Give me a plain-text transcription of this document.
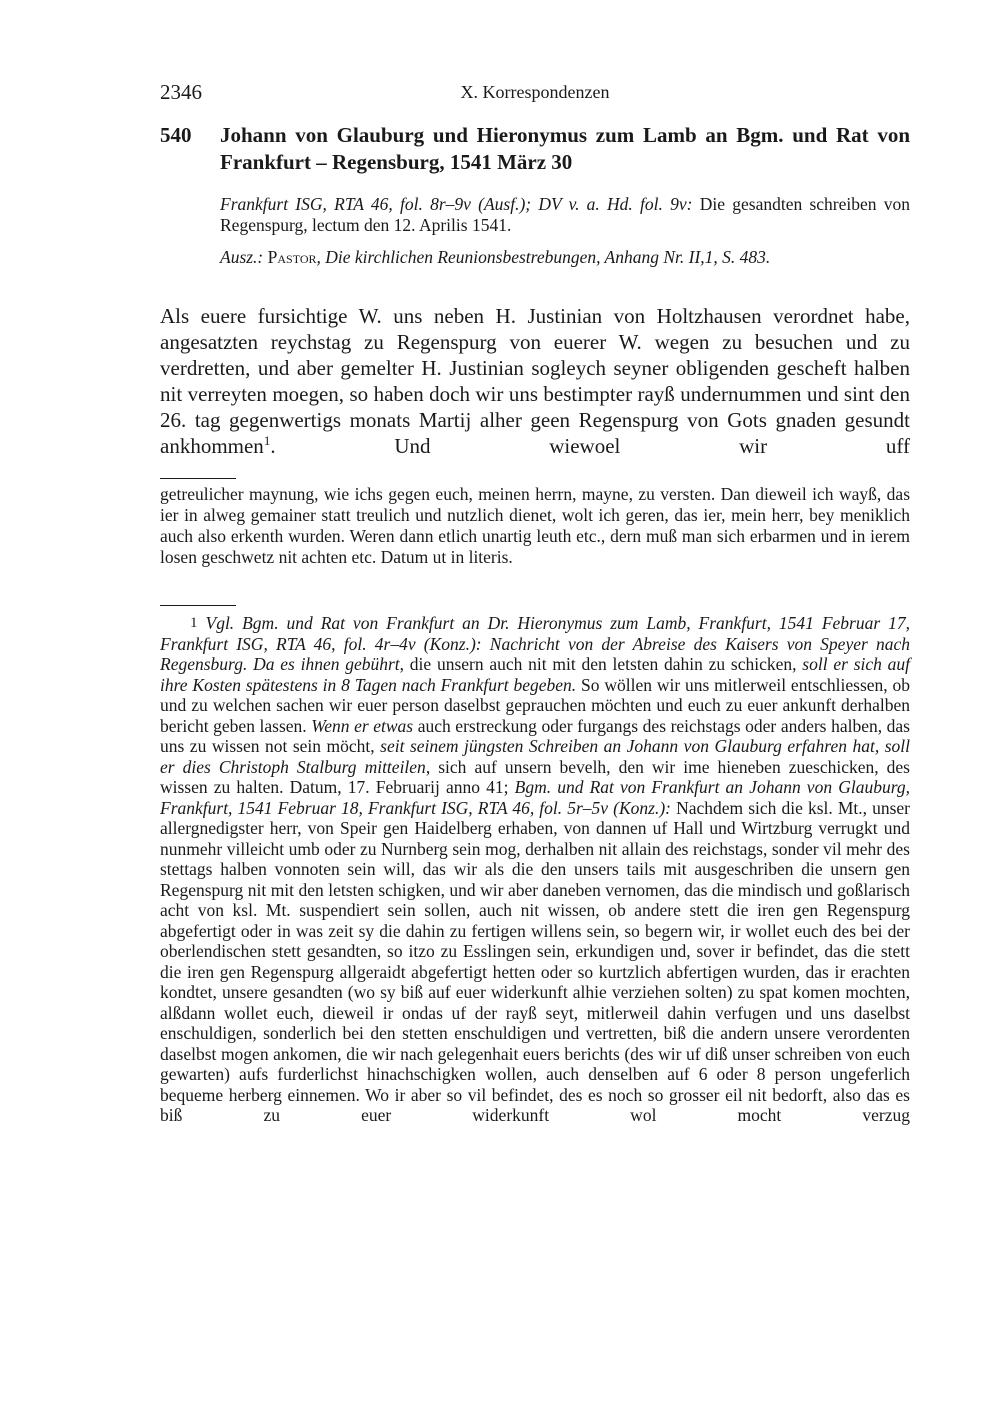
2346	X. Korrespondenzen
540 Johann von Glauburg und Hieronymus zum Lamb an Bgm. und Rat von Frankfurt – Regensburg, 1541 März 30

Frankfurt ISG, RTA 46, fol. 8r–9v (Ausf.); DV v. a. Hd. fol. 9v: Die gesandten schreiben von Regenspurg, lectum den 12. Aprilis 1541.

Ausz.: Pastor, Die kirchlichen Reunionsbestrebungen, Anhang Nr. II,1, S. 483.

Als euere fursichtige W. uns neben H. Justinian von Holtzhausen verordnet habe, angesatzten reychstag zu Regenspurg von euerer W. wegen zu besuchen und zu verdretten, und aber gemelter H. Justinian sogleych seyner obligenden gescheft halben nit verreyten moegen, so haben doch wir uns bestimpter rayß undernummen und sint den 26. tag gegenwertigs monats Martij alher geen Regenspurg von Gots gnaden gesundt ankhommen$^1$. Und wiewoel wir uff

getreulicher maynung, wie ichs gegen euch, meinen herrn, mayne, zu versten. Dan dieweil ich wayß, das ier in alweg gemainer statt treulich und nutzlich dienet, wolt ich geren, das ier, mein herr, bey meniklich auch also erkenth wurden. Weren dann etlich unartig leuth etc., dern muß man sich erbarmen und in ierem losen geschwetz nit achten etc. Datum ut in literis.

1 Vgl. Bgm. und Rat von Frankfurt an Dr. Hieronymus zum Lamb, Frankfurt, 1541 Februar 17, Frankfurt ISG, RTA 46, fol. 4r–4v (Konz.): Nachricht von der Abreise des Kaisers von Speyer nach Regensburg. Da es ihnen gebührt, die unsern auch nit mit den letsten dahin zu schicken, soll er sich auf ihre Kosten spätestens in 8 Tagen nach Frankfurt begeben. So wöllen wir uns mitlerweil entschliessen, ob und zu welchen sachen wir euer person daselbst geprauchen möchten und euch zu euer ankunft derhalben bericht geben lassen. Wenn er etwas auch erstreckung oder furgangs des reichstags oder anders halben, das uns zu wissen not sein möcht, seit seinem jüngsten Schreiben an Johann von Glauburg erfahren hat, soll er dies Christoph Stalburg mitteilen, sich auf unsern bevelh, den wir ime hieneben zueschicken, des wissen zu halten. Datum, 17. Februarij anno 41; Bgm. und Rat von Frankfurt an Johann von Glauburg, Frankfurt, 1541 Februar 18, Frankfurt ISG, RTA 46, fol. 5r–5v (Konz.): Nachdem sich die ksl. Mt., unser allergnedigster herr, von Speir gen Haidelberg erhaben, von dannen uf Hall und Wirtzburg verrugkt und nunmehr villeicht umb oder zu Nurnberg sein mog, derhalben nit allain des reichstags, sonder vil mehr des stettags halben vonnoten sein will, das wir als die den unsers tails mit ausgeschriben die unsern gen Regenspurg nit mit den letsten schigken, und wir aber daneben vernomen, das die mindisch und goßlarisch acht von ksl. Mt. suspendiert sein sollen, auch nit wissen, ob andere stett die iren gen Regenspurg abgefertigt oder in was zeit sy die dahin zu fertigen willens sein, so begern wir, ir wollet euch des bei der oberlendischen stett gesandten, so itzo zu Esslingen sein, erkundigen und, sover ir befindet, das die stett die iren gen Regenspurg allgeraidt abgefertigt hetten oder so kurtzlich abfertigen wurden, das ir erachten kondtet, unsere gesandten (wo sy biß auf euer widerkunft alhie verziehen solten) zu spat komen mochten, alßdann wollet euch, dieweil ir ondas uf der rayß seyt, mitlerweil dahin verfugen und uns daselbst enschuldigen, sonderlich bei den stetten enschuldigen und vertretten, biß die andern unsere verordenten daselbst mogen ankomen, die wir nach gelegenhait euers berichts (des wir uf diß unser schreiben von euch gewarten) aufs furderlichst hinachschigken wollen, auch denselben auf 6 oder 8 person ungeferlich bequeme herberg einnemen. Wo ir aber so vil befindet, des es noch so grosser eil nit bedorft, also das es biß zu euer widerkunft wol mocht verzug
